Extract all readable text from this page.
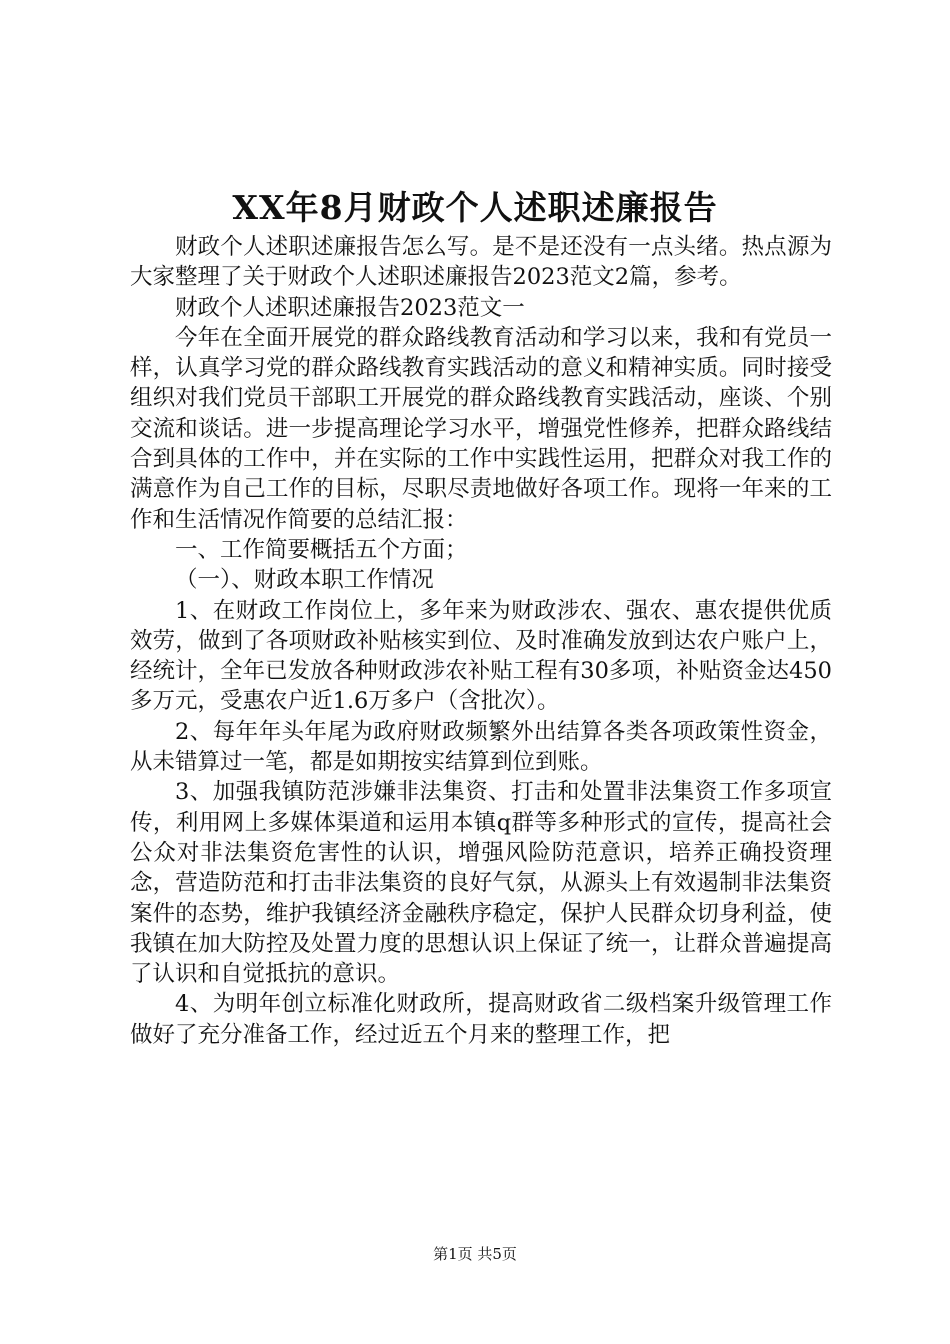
XX年8月财政个人述职述廉报告

财政个人述职述廉报告怎么写。是不是还没有一点头绪。热点源为大家整理了关于财政个人述职述廉报告2023范文2篇，参考。

财政个人述职述廉报告2023范文一

今年在全面开展党的群众路线教育活动和学习以来，我和有党员一样，认真学习党的群众路线教育实践活动的意义和精神实质。同时接受组织对我们党员干部职工开展党的群众路线教育实践活动，座谈、个别交流和谈话。进一步提高理论学习水平，增强党性修养，把群众路线结合到具体的工作中，并在实际的工作中实践性运用，把群众对我工作的满意作为自己工作的目标，尽职尽责地做好各项工作。现将一年来的工作和生活情况作简要的总结汇报：

一、工作简要概括五个方面；

（一）、财政本职工作情况

1、在财政工作岗位上，多年来为财政涉农、强农、惠农提供优质效劳，做到了各项财政补贴核实到位、及时准确发放到达农户账户上，经统计，全年已发放各种财政涉农补贴工程有30多项，补贴资金达450多万元，受惠农户近1.6万多户（含批次）。

2、每年年头年尾为政府财政频繁外出结算各类各项政策性资金，从未错算过一笔，都是如期按实结算到位到账。

3、加强我镇防范涉嫌非法集资、打击和处置非法集资工作多项宣传，利用网上多媒体渠道和运用本镇q群等多种形式的宣传，提高社会公众对非法集资危害性的认识，增强风险防范意识，培养正确投资理念，营造防范和打击非法集资的良好气氛，从源头上有效遏制非法集资案件的态势，维护我镇经济金融秩序稳定，保护人民群众切身利益，使我镇在加大防控及处置力度的思想认识上保证了统一，让群众普遍提高了认识和自觉抵抗的意识。

4、为明年创立标准化财政所，提高财政省二级档案升级管理工作做好了充分准备工作，经过近五个月来的整理工作，把

第1页 共5页
